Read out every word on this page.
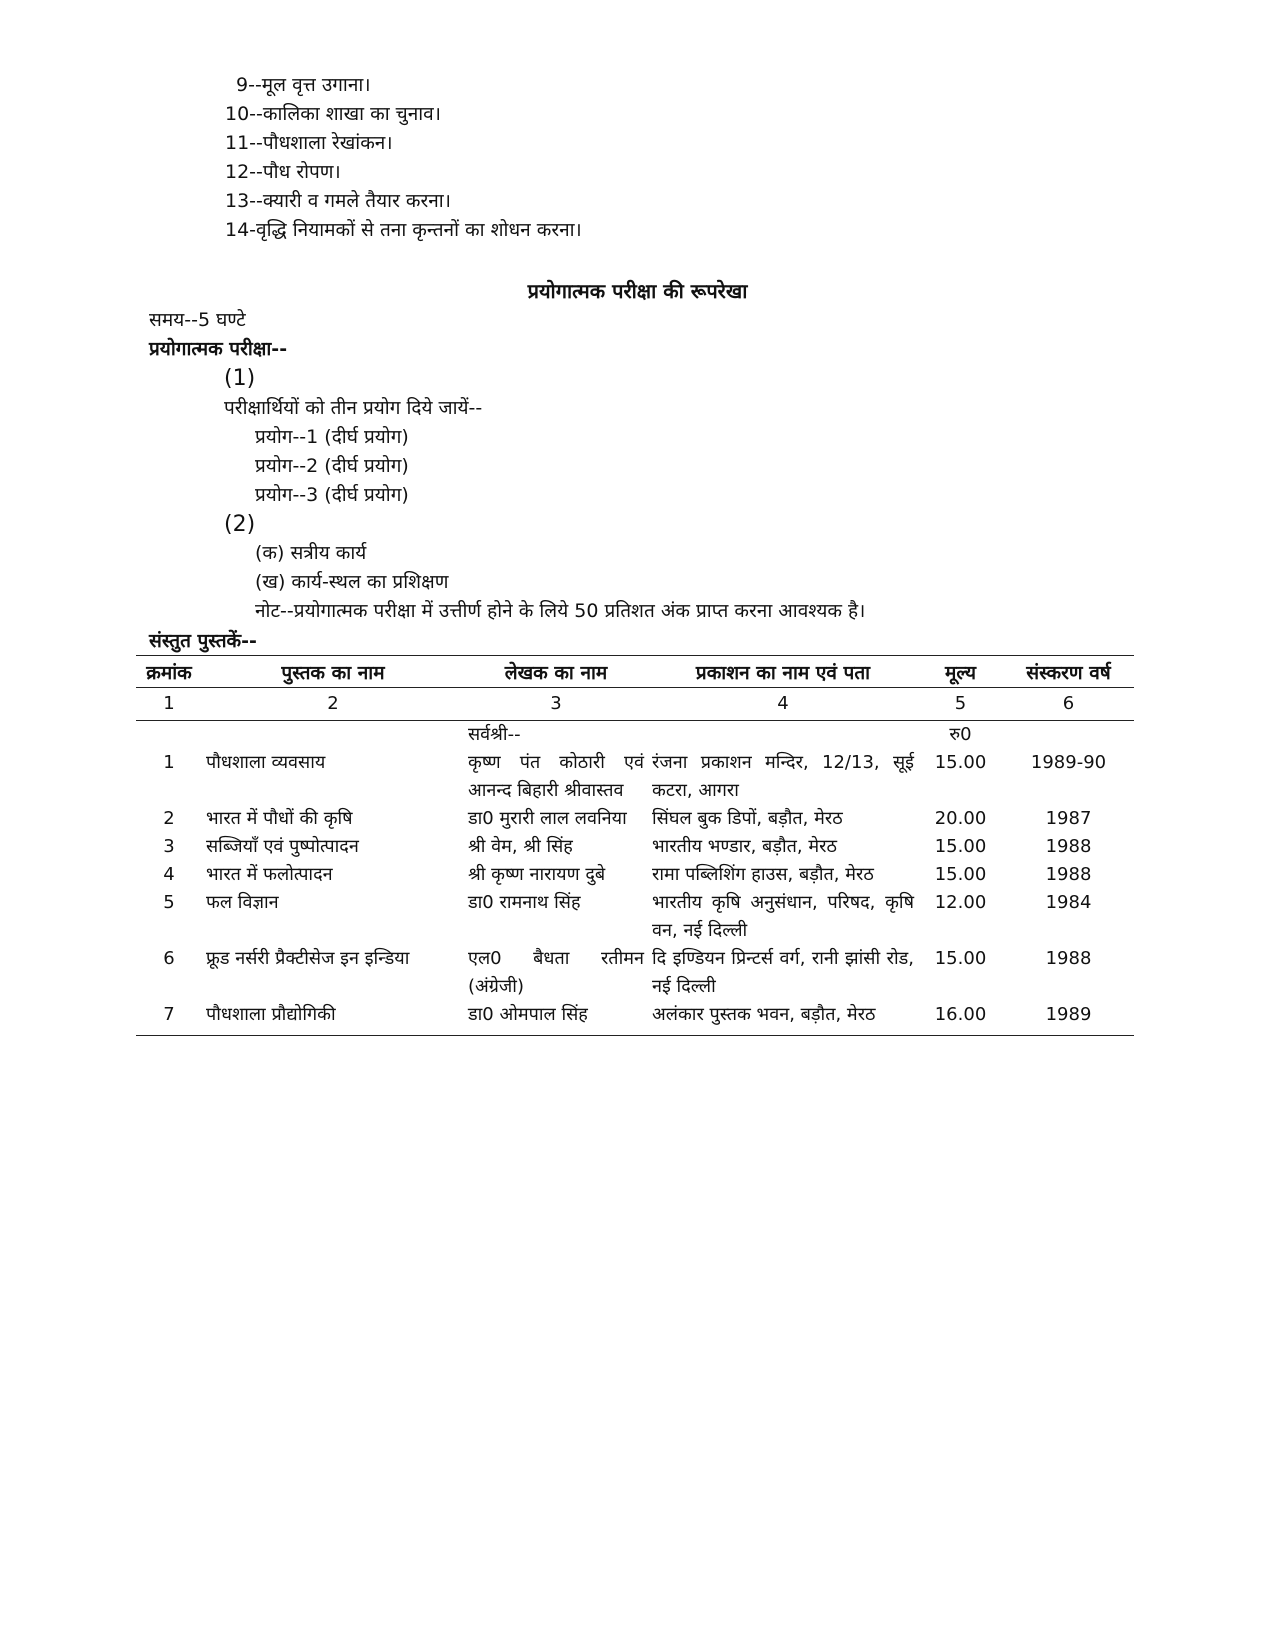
9--मूल वृत्त उगाना।
10--कालिका शाखा का चुनाव।
11--पौधशाला रेखांकन।
12--पौध रोपण।
13--क्यारी व गमले तैयार करना।
14-वृद्धि नियामकों से तना कृन्तनों का शोधन करना।
प्रयोगात्मक परीक्षा की रूपरेखा
समय--5 घण्टे
प्रयोगात्मक परीक्षा--
(1)
परीक्षार्थियों को तीन प्रयोग दिये जायें--
प्रयोग--1 (दीर्घ प्रयोग)
प्रयोग--2 (दीर्घ प्रयोग)
प्रयोग--3 (दीर्घ प्रयोग)
(2)
(क) सत्रीय कार्य
(ख) कार्य-स्थल का प्रशिक्षण
नोट--प्रयोगात्मक परीक्षा में उत्तीर्ण होने के लिये 50 प्रतिशत अंक प्राप्त करना आवश्यक है।
संस्तुत पुस्तकें--
क्रमांक	पुस्तक का नाम	लेखक का नाम	प्रकाशन का नाम एवं पता	मूल्य	संस्करण वर्ष
1	2	3	4	5	6
		सर्वश्री--		रु0	
1	पौधशाला व्यवसाय	कृष्ण पंत कोठारी एवं आनन्द बिहारी श्रीवास्तव	रंजना प्रकाशन मन्दिर, 12/13, सूई कटरा, आगरा	15.00	1989-90
2	भारत में पौधों की कृषि	डा0 मुरारी लाल लवनिया	सिंघल बुक डिपों, बड़ौत, मेरठ	20.00	1987
3	सब्जियाँ एवं पुष्पोत्पादन	श्री वेम, श्री सिंह	भारतीय भण्डार, बड़ौत, मेरठ	15.00	1988
4	भारत में फलोत्पादन	श्री कृष्ण नारायण दुबे	रामा पब्लिशिंग हाउस, बड़ौत, मेरठ	15.00	1988
5	फल विज्ञान	डा0 रामनाथ सिंह	भारतीय कृषि अनुसंधान, परिषद, कृषि वन, नई दिल्ली	12.00	1984
6	फ्रूड नर्सरी प्रैक्टीसेज इन इन्डिया	एल0 बैधता रतीमन (अंग्रेजी)	दि इण्डियन प्रिन्टर्स वर्ग, रानी झांसी रोड, नई दिल्ली	15.00	1988
7	पौधशाला प्रौद्योगिकी	डा0 ओमपाल सिंह	अलंकार पुस्तक भवन, बड़ौत, मेरठ	16.00	1989
